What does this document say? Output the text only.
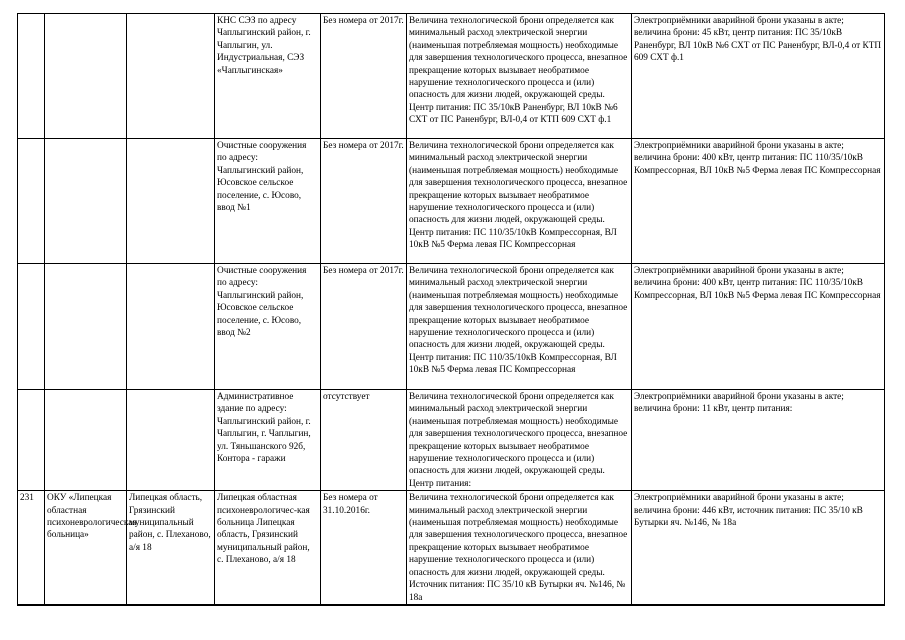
			КНС СЭЗ по адресу Чаплыгинский район, г. Чаплыгин, ул. Индустриальная, СЭЗ «Чаплыгинская»	Без номера от 2017г.	Величина технологической брони определяется как минимальный расход электрической энергии (наименьшая потребляемая мощность) необходимые для завершения технологического процесса, внезапное прекращение которых вызывает необратимое нарушение технологического процесса и (или) опасность для жизни людей, окружающей среды. Центр питания: ПС 35/10кВ Раненбург, ВЛ 10кВ №6 СХТ от ПС Раненбург, ВЛ-0,4 от КТП 609 СХТ ф.1	Электроприёмники аварийной брони указаны в акте; величина брони: 45 кВт, центр питания: ПС 35/10кВ Раненбург, ВЛ 10кВ №6 СХТ от ПС Раненбург, ВЛ-0,4 от КТП 609 СХТ ф.1
			Очистные сооружения по адресу: Чаплыгинский район, Юсовское сельское поселение, с. Юсово, ввод №1	Без номера от 2017г.	Величина технологической брони определяется как минимальный расход электрической энергии (наименьшая потребляемая мощность) необходимые для завершения технологического процесса, внезапное прекращение которых вызывает необратимое нарушение технологического процесса и (или) опасность для жизни людей, окружающей среды. Центр питания: ПС 110/35/10кВ Компрессорная, ВЛ 10кВ №5 Ферма левая ПС Компрессорная	Электроприёмники аварийной брони указаны в акте; величина брони: 400 кВт, центр питания: ПС 110/35/10кВ Компрессорная, ВЛ 10кВ №5 Ферма левая ПС Компрессорная
			Очистные сооружения по адресу: Чаплыгинский район, Юсовское сельское поселение, с. Юсово, ввод №2	Без номера от 2017г.	Величина технологической брони определяется как минимальный расход электрической энергии (наименьшая потребляемая мощность) необходимые для завершения технологического процесса, внезапное прекращение которых вызывает необратимое нарушение технологического процесса и (или) опасность для жизни людей, окружающей среды. Центр питания: ПС 110/35/10кВ Компрессорная, ВЛ 10кВ №5 Ферма левая ПС Компрессорная	Электроприёмники аварийной брони указаны в акте; величина брони: 400 кВт, центр питания: ПС 110/35/10кВ Компрессорная, ВЛ 10кВ №5 Ферма левая ПС Компрессорная
			Административное здание по адресу: Чаплыгинский район, г. Чаплыгин, г. Чаплыгин, ул. Тяньшанского 92б, Контора - гаражи	отсутствует	Величина технологической брони определяется как минимальный расход электрической энергии (наименьшая потребляемая мощность) необходимые для завершения технологического процесса, внезапное прекращение которых вызывает необратимое нарушение технологического процесса и (или) опасность для жизни людей, окружающей среды. Центр питания:	Электроприёмники аварийной брони указаны в акте; величина брони: 11 кВт, центр питания:
231	ОКУ «Липецкая областная психоневрологическая больница»	Липецкая область, Грязинский муниципальный район, с. Плеханово, а/я 18	Липецкая областная психоневрологичес-кая больница Липецкая область, Грязинский муниципальный район, с. Плеханово, а/я 18	Без номера от 31.10.2016г.	Величина технологической брони определяется как минимальный расход электрической энергии (наименьшая потребляемая мощность) необходимые для завершения технологического процесса, внезапное прекращение которых вызывает необратимое нарушение технологического процесса и (или) опасность для жизни людей, окружающей среды. Источник питания: ПС 35/10 кВ Бутырки яч. №146, № 18а	Электроприёмники аварийной брони указаны в акте; величина брони: 446 кВт, источник питания: ПС 35/10 кВ Бутырки яч. №146, № 18а
